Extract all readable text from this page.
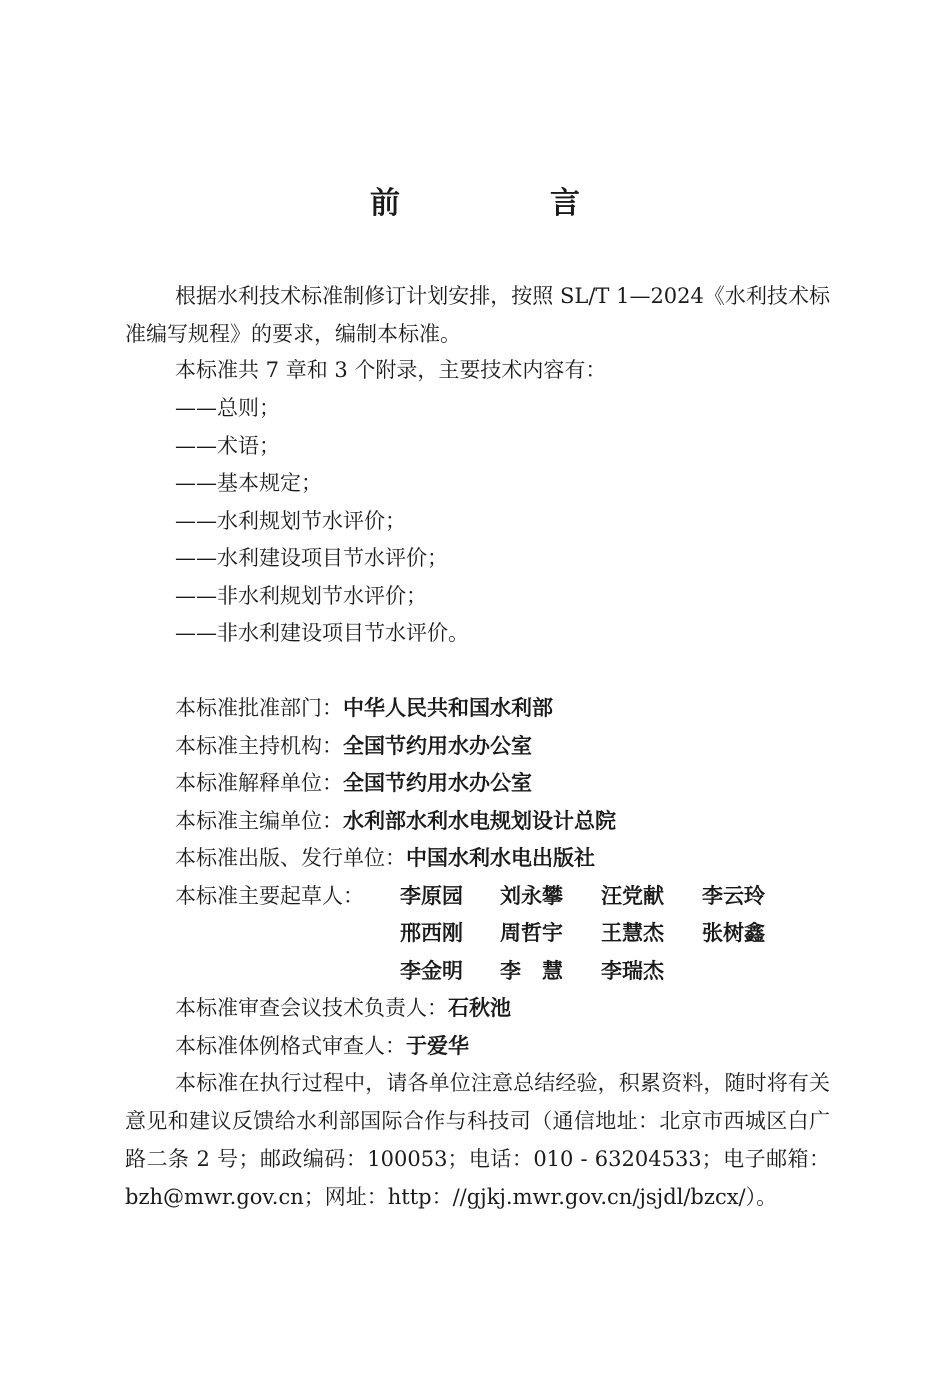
前　言

根据水利技术标准制修订计划安排，按照 SL/T 1—2024《水利技术标准编写规程》的要求，编制本标准。

本标准共 7 章和 3 个附录，主要技术内容有：

——总则；

——术语；

——基本规定；

——水利规划节水评价；

——水利建设项目节水评价；

——非水利规划节水评价；

——非水利建设项目节水评价。

本标准批准部门：中华人民共和国水利部

本标准主持机构：全国节约用水办公室

本标准解释单位：全国节约用水办公室

本标准主编单位：水利部水利水电规划设计总院

本标准出版、发行单位：中国水利水电出版社

本标准主要起草人： 李原园 刘永攀 汪党献 李云玲
邢西刚 周哲宇 王慧杰 张树鑫
李金明 李　慧 李瑞杰

本标准审查会议技术负责人：石秋池

本标准体例格式审查人：于爱华

本标准在执行过程中，请各单位注意总结经验，积累资料，随时将有关意见和建议反馈给水利部国际合作与科技司（通信地址：北京市西城区白广路二条 2 号；邮政编码：100053；电话：010 - 63204533；电子邮箱：bzh@mwr.gov.cn；网址：http：//gjkj.mwr.gov.cn/jsjdl/bzcx/）。
